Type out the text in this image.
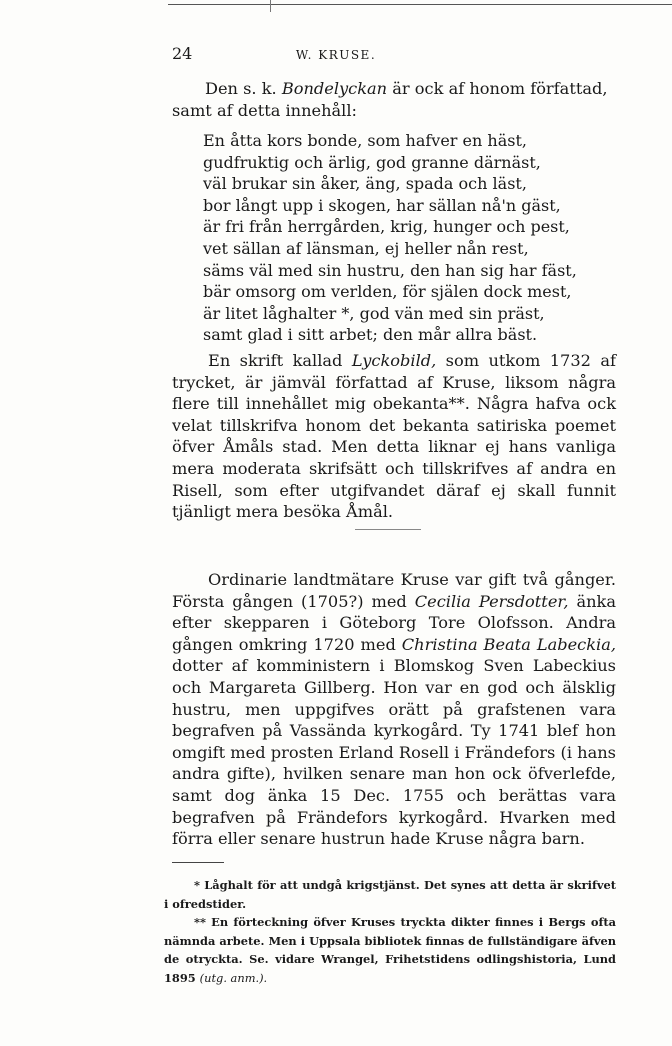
24	W. KRUSE.
Den s. k. Bondelyckan är ock af honom författad,
samt af detta innehåll:
En åtta kors bonde, som hafver en häst,
gudfruktig och ärlig, god granne därnäst,
väl brukar sin åker, äng, spada och läst,
bor långt upp i skogen, har sällan nå'n gäst,
är fri från herrgården, krig, hunger och pest,
vet sällan af länsman, ej heller nån rest,
säms väl med sin hustru, den han sig har fäst,
bär omsorg om verlden, för själen dock mest,
är litet låghalter *, god vän med sin präst,
samt glad i sitt arbet; den mår allra bäst.
En skrift kallad Lyckobild, som utkom 1732 af trycket, är jämväl författad af Kruse, liksom några flere till innehållet mig obekanta**. Några hafva ock velat tillskrifva honom det bekanta satiriska poemet öfver Åmåls stad. Men detta liknar ej hans vanliga mera moderata skrifsätt och tillskrifves af andra en Risell, som efter utgifvandet däraf ej skall funnit tjänligt mera besöka Åmål.
Ordinarie landtmätare Kruse var gift två gånger. Första gången (1705?) med Cecilia Persdotter, änka efter skepparen i Göteborg Tore Olofsson. Andra gången omkring 1720 med Christina Beata Labeckia, dotter af komministern i Blomskog Sven Labeckius och Margareta Gillberg. Hon var en god och älsklig hustru, men uppgifves orätt på grafstenen vara begrafven på Vassända kyrkogård. Ty 1741 blef hon omgift med prosten Erland Rosell i Frändefors (i hans andra gifte), hvilken senare man hon ock öfverlefde, samt dog änka 15 Dec. 1755 och berättas vara begrafven på Frändefors kyrkogård. Hvarken med förra eller senare hustrun hade Kruse några barn.
* Låghalt för att undgå krigstjänst. Det synes att detta är skrifvet i ofredstider.
** En förteckning öfver Kruses tryckta dikter finnes i Bergs ofta nämnda arbete. Men i Uppsala bibliotek finnas de fullständigare äfven de otryckta. Se. vidare Wrangel, Frihetstidens odlingshistoria, Lund 1895 (utg. anm.).
